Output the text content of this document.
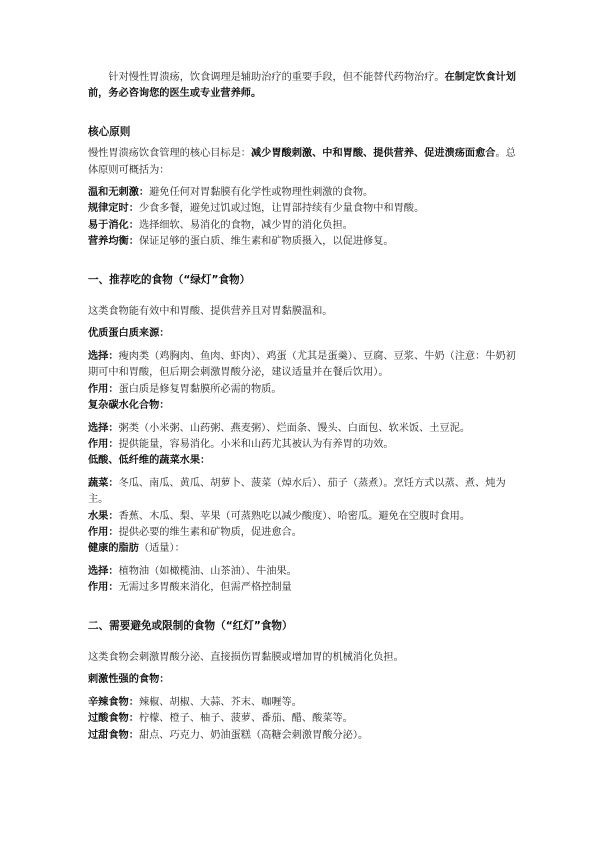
针对慢性胃溃疡，饮食调理是辅助治疗的重要手段，但不能替代药物治疗。在制定饮食计划前，务必咨询您的医生或专业营养师。

核心原则

慢性胃溃疡饮食管理的核心目标是：减少胃酸刺激、中和胃酸、提供营养、促进溃疡面愈合。总体原则可概括为：

温和无刺激：避免任何对胃黏膜有化学性或物理性刺激的食物。

规律定时：少食多餐，避免过饥或过饱，让胃部持续有少量食物中和胃酸。

易于消化：选择细软、易消化的食物，减少胃的消化负担。

营养均衡：保证足够的蛋白质、维生素和矿物质摄入，以促进修复。

一、推荐吃的食物（“绿灯”食物）

这类食物能有效中和胃酸、提供营养且对胃黏膜温和。

优质蛋白质来源：

选择：瘦肉类（鸡胸肉、鱼肉、虾肉）、鸡蛋（尤其是蛋羹）、豆腐、豆浆、牛奶（注意：牛奶初期可中和胃酸，但后期会刺激胃酸分泌，建议适量并在餐后饮用）。

作用：蛋白质是修复胃黏膜所必需的物质。

复杂碳水化合物：

选择：粥类（小米粥、山药粥、燕麦粥）、烂面条、馒头、白面包、软米饭、土豆泥。

作用：提供能量，容易消化。小米和山药尤其被认为有养胃的功效。

低酸、低纤维的蔬菜水果：

蔬菜：冬瓜、南瓜、黄瓜、胡萝卜、菠菜（焯水后）、茄子（蒸煮）。烹饪方式以蒸、煮、炖为主。

水果：香蕉、木瓜、梨、苹果（可蒸熟吃以减少酸度）、哈密瓜。避免在空腹时食用。

作用：提供必要的维生素和矿物质，促进愈合。

健康的脂肪（适量）：

选择：植物油（如橄榄油、山茶油）、牛油果。

作用：无需过多胃酸来消化，但需严格控制量

二、需要避免或限制的食物（“红灯”食物）

这类食物会刺激胃酸分泌、直接损伤胃黏膜或增加胃的机械消化负担。

刺激性强的食物：

辛辣食物：辣椒、胡椒、大蒜、芥末、咖喱等。

过酸食物：柠檬、橙子、柚子、菠萝、番茄、醋、酸菜等。

过甜食物：甜点、巧克力、奶油蛋糕（高糖会刺激胃酸分泌）。
